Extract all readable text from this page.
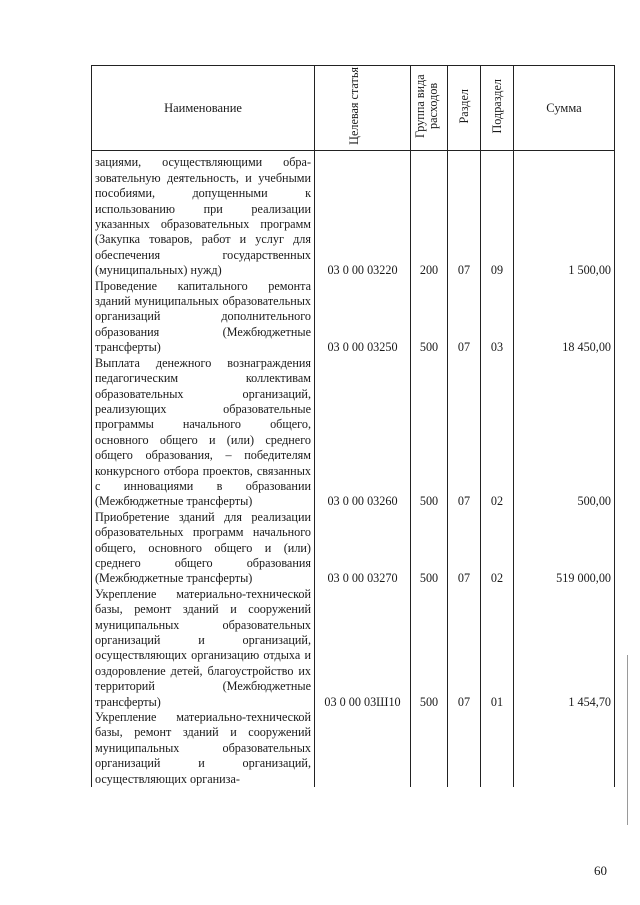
Наименование	Целевая статья	Группа вида расходов	Раздел	Подраздел	Сумма
зациями, осуществляющими образовательную деятельность, и учебными пособиями, допущенными к использованию при реализации указанных образовательных программ (Закупка товаров, работ и услуг для обеспечения государственных (муниципальных) нужд)	03 0 00 03220	200	07	09	1 500,00
Проведение капитального ремонта зданий муниципальных образовательных организаций дополнительного образования (Межбюджетные трансферты)	03 0 00 03250	500	07	03	18 450,00
Выплата денежного вознаграждения педагогическим коллективам образовательных организаций, реализующих образовательные программы начального общего, основного общего и (или) среднего общего образования, – победителям конкурсного отбора проектов, связанных с инновациями в образовании (Межбюджетные трансферты)	03 0 00 03260	500	07	02	500,00
Приобретение зданий для реализации образовательных программ начального общего, основного общего и (или) среднего общего образования (Межбюджетные трансферты)	03 0 00 03270	500	07	02	519 000,00
Укрепление материально-технической базы, ремонт зданий и сооружений муниципальных образовательных организаций и организаций, осуществляющих организацию отдыха и оздоровление детей, благоустройство их территорий (Межбюджетные трансферты)	03 0 00 03Ш10	500	07	01	1 454,70
Укрепление материально-технической базы, ремонт зданий и сооружений муниципальных образовательных организаций и организаций, осуществляющих организа-					
60
